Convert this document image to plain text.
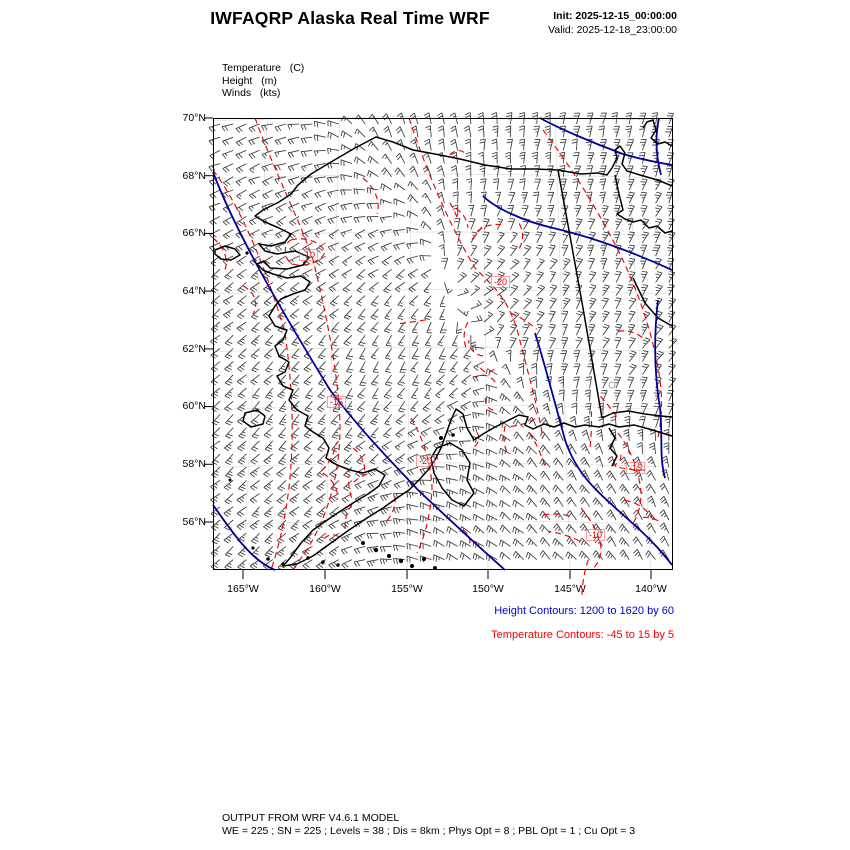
IWFAQRP Alaska Real Time WRF	Init: 2025-12-15_00:00:00
Valid: 2025-12-18_23:00:00
Temperature   (C)
Height   (m)
Winds   (kts)
70°N
68°N
66°N
64°N
62°N
60°N
58°N
56°N
165°W	160°W	155°W	150°W	145°W	140°W
-10
-20
-15
-20
-15
-10
Height Contours: 1200 to 1620 by 60
Temperature Contours: -45 to 15 by 5
OUTPUT FROM WRF V4.6.1 MODEL
WE = 225 ; SN = 225 ; Levels = 38 ; Dis = 8km ; Phys Opt = 8 ; PBL Opt = 1 ; Cu Opt = 3
